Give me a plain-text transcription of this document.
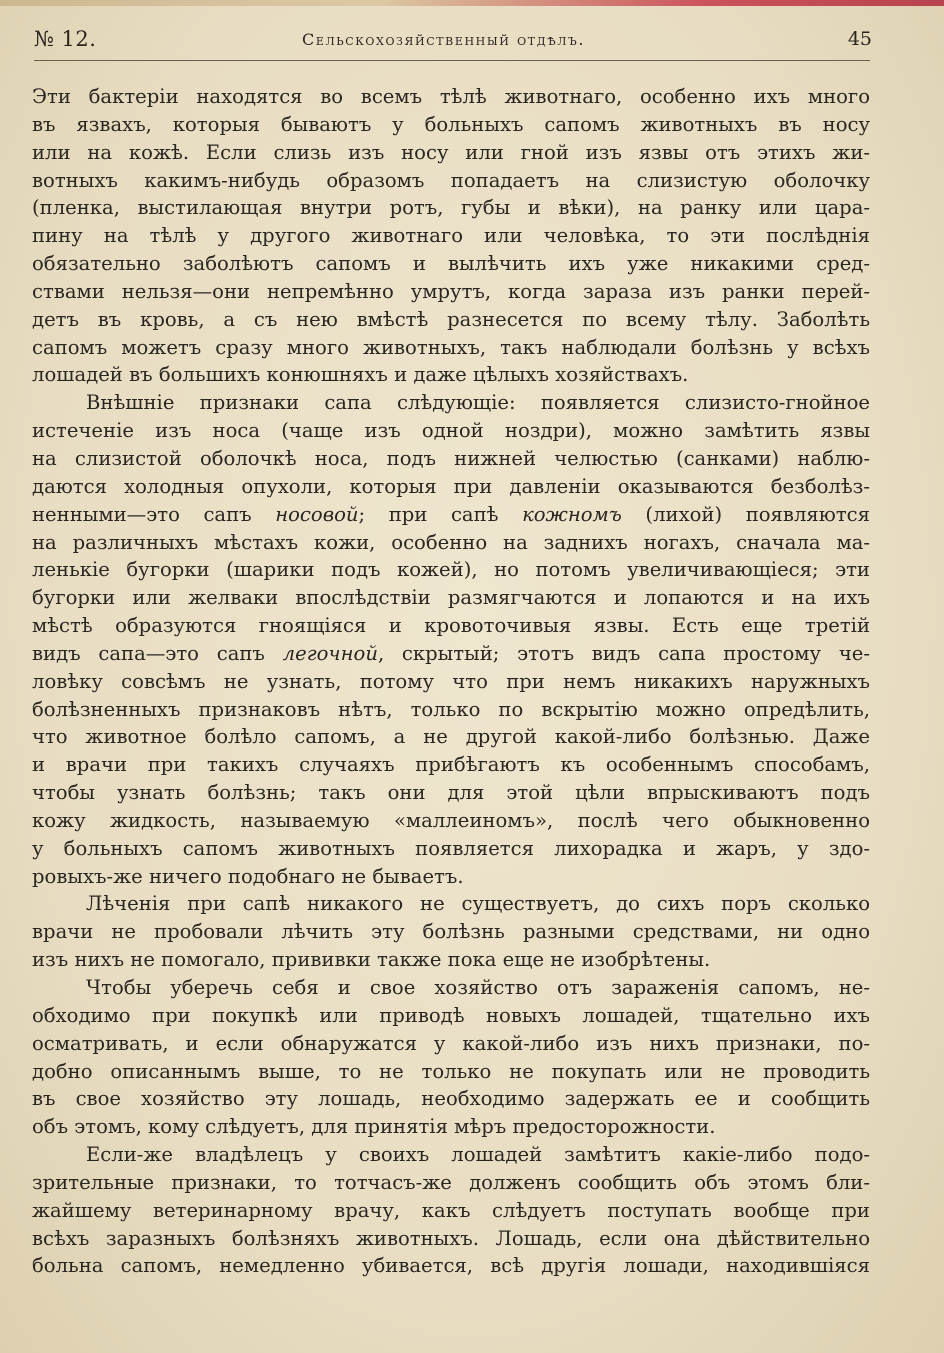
№ 12.	Сельскохозяйственный отдѣлъ.	45
Эти бактеріи находятся во всемъ тѣлѣ животнаго, особенно ихъ много
въ язвахъ, которыя бываютъ у больныхъ сапомъ животныхъ въ носу
или на кожѣ. Если слизь изъ носу или гной изъ язвы отъ этихъ жи-
вотныхъ какимъ-нибудь образомъ попадаетъ на слизистую оболочку
(пленка, выстилающая внутри ротъ, губы и вѣки), на ранку или цара-
пину на тѣлѣ у другого животнаго или человѣка, то эти послѣднія
обязательно заболѣютъ сапомъ и вылѣчить ихъ уже никакими сред-
ствами нельзя—они непремѣнно умрутъ, когда зараза изъ ранки перей-
детъ въ кровь, а съ нею вмѣстѣ разнесется по всему тѣлу. Заболѣть
сапомъ можетъ сразу много животныхъ, такъ наблюдали болѣзнь у всѣхъ
лошадей въ большихъ конюшняхъ и даже цѣлыхъ хозяйствахъ.
Внѣшніе признаки сапа слѣдующіе: появляется слизисто-гнойное
истеченіе изъ носа (чаще изъ одной ноздри), можно замѣтить язвы
на слизистой оболочкѣ носа, подъ нижней челюстью (санками) наблю-
даются холодныя опухоли, которыя при давленіи оказываются безболѣз-
ненными—это сапъ носовой; при сапѣ кожномъ (лихой) появляются
на различныхъ мѣстахъ кожи, особенно на заднихъ ногахъ, сначала ма-
ленькіе бугорки (шарики подъ кожей), но потомъ увеличивающіеся; эти
бугорки или желваки впослѣдствіи размягчаются и лопаются и на ихъ
мѣстѣ образуются гноящіяся и кровоточивыя язвы. Есть еще третій
видъ сапа—это сапъ легочной, скрытый; этотъ видъ сапа простому че-
ловѣку совсѣмъ не узнать, потому что при немъ никакихъ наружныхъ
болѣзненныхъ признаковъ нѣтъ, только по вскрытію можно опредѣлить,
что животное болѣло сапомъ, а не другой какой-либо болѣзнью. Даже
и врачи при такихъ случаяхъ прибѣгаютъ къ особеннымъ способамъ,
чтобы узнать болѣзнь; такъ они для этой цѣли впрыскиваютъ подъ
кожу жидкость, называемую «маллеиномъ», послѣ чего обыкновенно
у больныхъ сапомъ животныхъ появляется лихорадка и жаръ, у здо-
ровыхъ-же ничего подобнаго не бываетъ.
Лѣченія при сапѣ никакого не существуетъ, до сихъ поръ сколько
врачи не пробовали лѣчить эту болѣзнь разными средствами, ни одно
изъ нихъ не помогало, прививки также пока еще не изобрѣтены.
Чтобы уберечь себя и свое хозяйство отъ зараженія сапомъ, не-
обходимо при покупкѣ или приводѣ новыхъ лошадей, тщательно ихъ
осматривать, и если обнаружатся у какой-либо изъ нихъ признаки, по-
добно описаннымъ выше, то не только не покупать или не проводить
въ свое хозяйство эту лошадь, необходимо задержать ее и сообщить
объ этомъ, кому слѣдуетъ, для принятія мѣръ предосторожности.
Если-же владѣлецъ у своихъ лошадей замѣтитъ какіе-либо подо-
зрительные признаки, то тотчасъ-же долженъ сообщить объ этомъ бли-
жайшему ветеринарному врачу, какъ слѣдуетъ поступать вообще при
всѣхъ заразныхъ болѣзняхъ животныхъ. Лошадь, если она дѣйствительно
больна сапомъ, немедленно убивается, всѣ другія лошади, находившіяся
